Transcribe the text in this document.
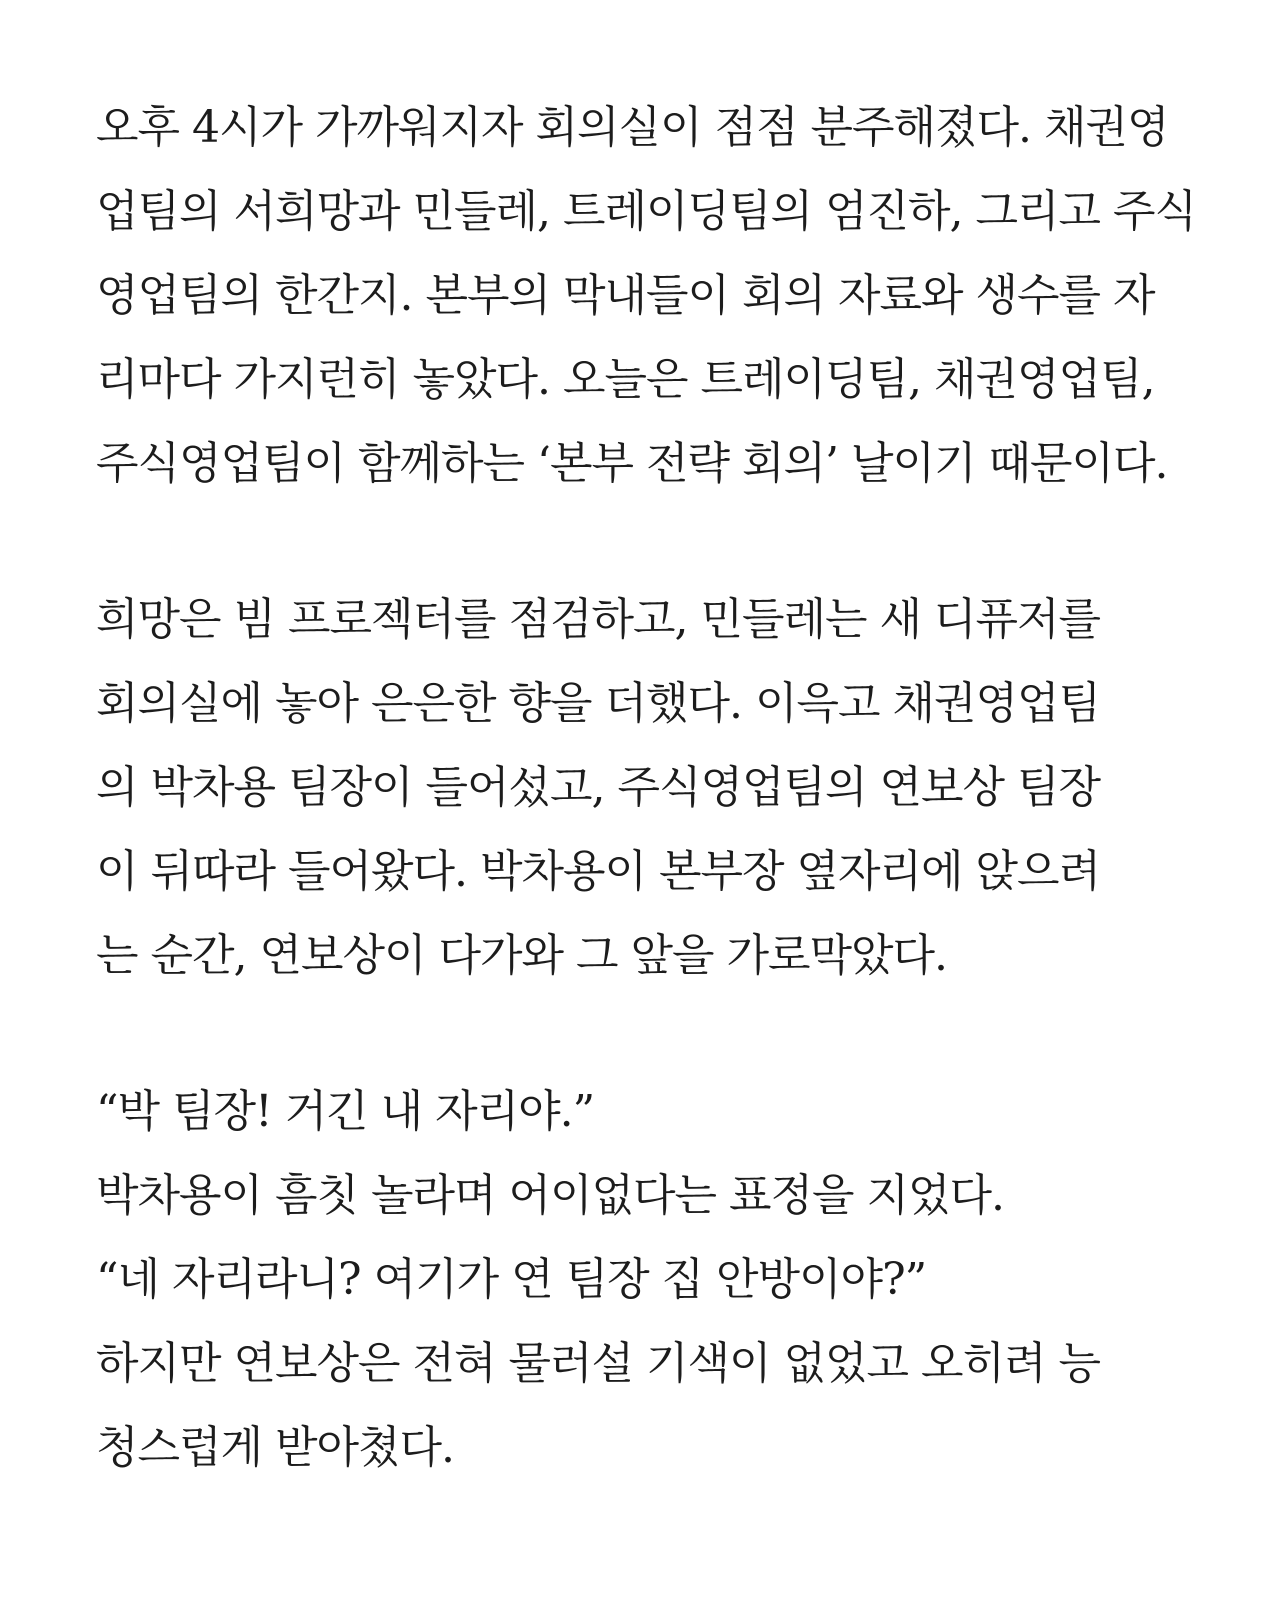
오후 4시가 가까워지자 회의실이 점점 분주해졌다. 채권영
업팀의 서희망과 민들레, 트레이딩팀의 엄진하, 그리고 주식
영업팀의 한간지. 본부의 막내들이 회의 자료와 생수를 자
리마다 가지런히 놓았다. 오늘은 트레이딩팀, 채권영업팀,
주식영업팀이 함께하는 ‘본부 전략 회의’ 날이기 때문이다.
희망은 빔 프로젝터를 점검하고, 민들레는 새 디퓨저를
회의실에 놓아 은은한 향을 더했다. 이윽고 채권영업팀
의 박차용 팀장이 들어섰고, 주식영업팀의 연보상 팀장
이 뒤따라 들어왔다. 박차용이 본부장 옆자리에 앉으려
는 순간, 연보상이 다가와 그 앞을 가로막았다.
“박 팀장! 거긴 내 자리야.”
박차용이 흠칫 놀라며 어이없다는 표정을 지었다.
“네 자리라니? 여기가 연 팀장 집 안방이야?”
하지만 연보상은 전혀 물러설 기색이 없었고 오히려 능
청스럽게 받아쳤다.
